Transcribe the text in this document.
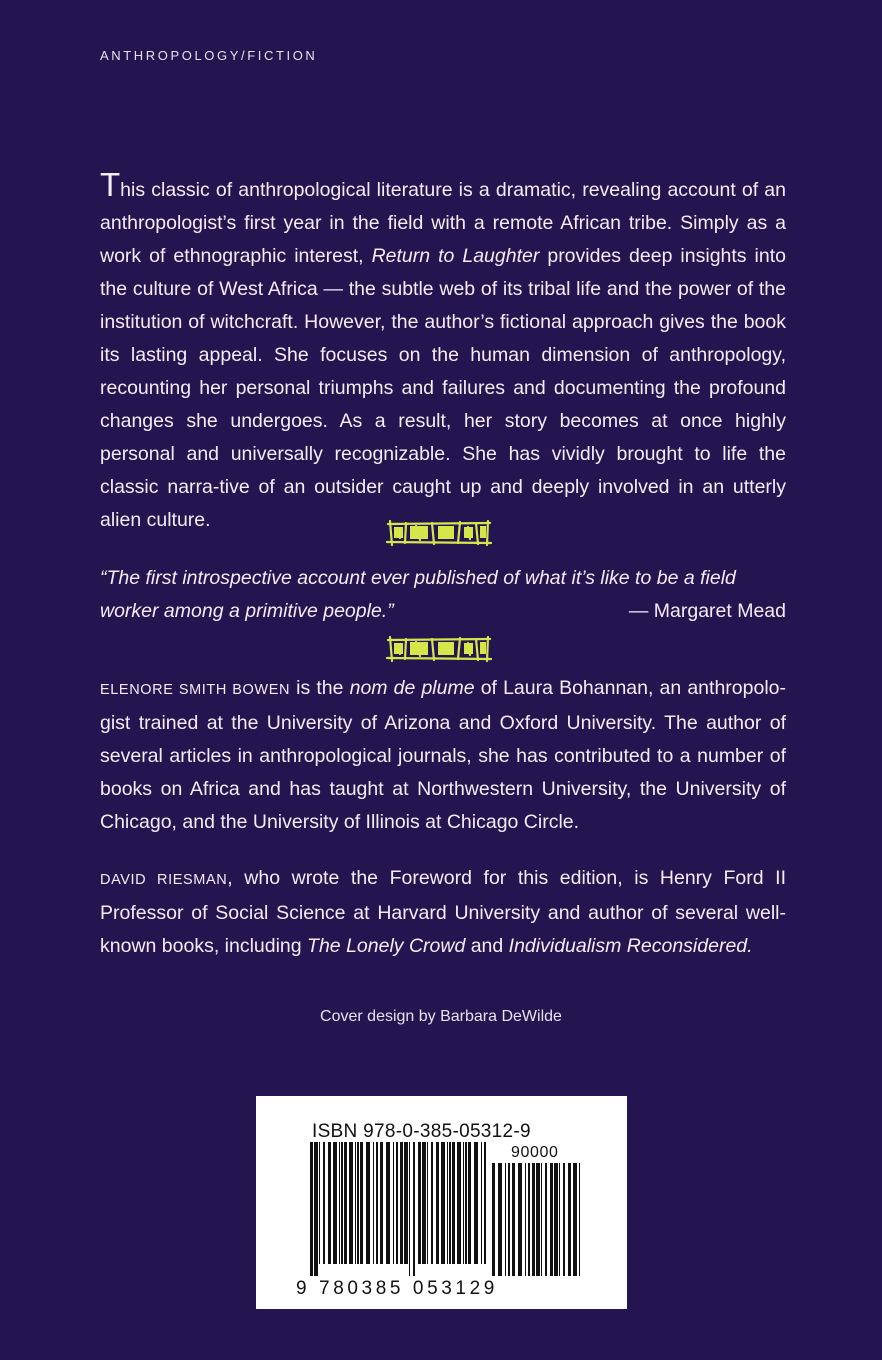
ANTHROPOLOGY/FICTION

This classic of anthropological literature is a dramatic, revealing account of an anthropologist’s first year in the field with a remote African tribe. Simply as a work of ethnographic interest, Return to Laughter provides deep insights into the culture of West Africa — the subtle web of its tribal life and the power of the institution of witchcraft. However, the author’s fictional approach gives the book its lasting appeal. She focuses on the human dimension of anthropology, recounting her personal triumphs and failures and documenting the profound changes she undergoes. As a result, her story becomes at once highly personal and universally recognizable. She has vividly brought to life the classic narra-tive of an outsider caught up and deeply involved in an utterly alien culture.

“The first introspective account ever published of what it’s like to be a field
worker among a primitive people.”	— Margaret Mead

ELENORE SMITH BOWEN is the nom de plume of Laura Bohannan, an anthropolo-gist trained at the University of Arizona and Oxford University. The author of several articles in anthropological journals, she has contributed to a number of books on Africa and has taught at Northwestern University, the University of Chicago, and the University of Illinois at Chicago Circle.

DAVID RIESMAN, who wrote the Foreword for this edition, is Henry Ford II Professor of Social Science at Harvard University and author of several well-known books, including The Lonely Crowd and Individualism Reconsidered.

Cover design by Barbara DeWilde
ISBN 978-0-385-05312-9
90000
9 780385 053129
